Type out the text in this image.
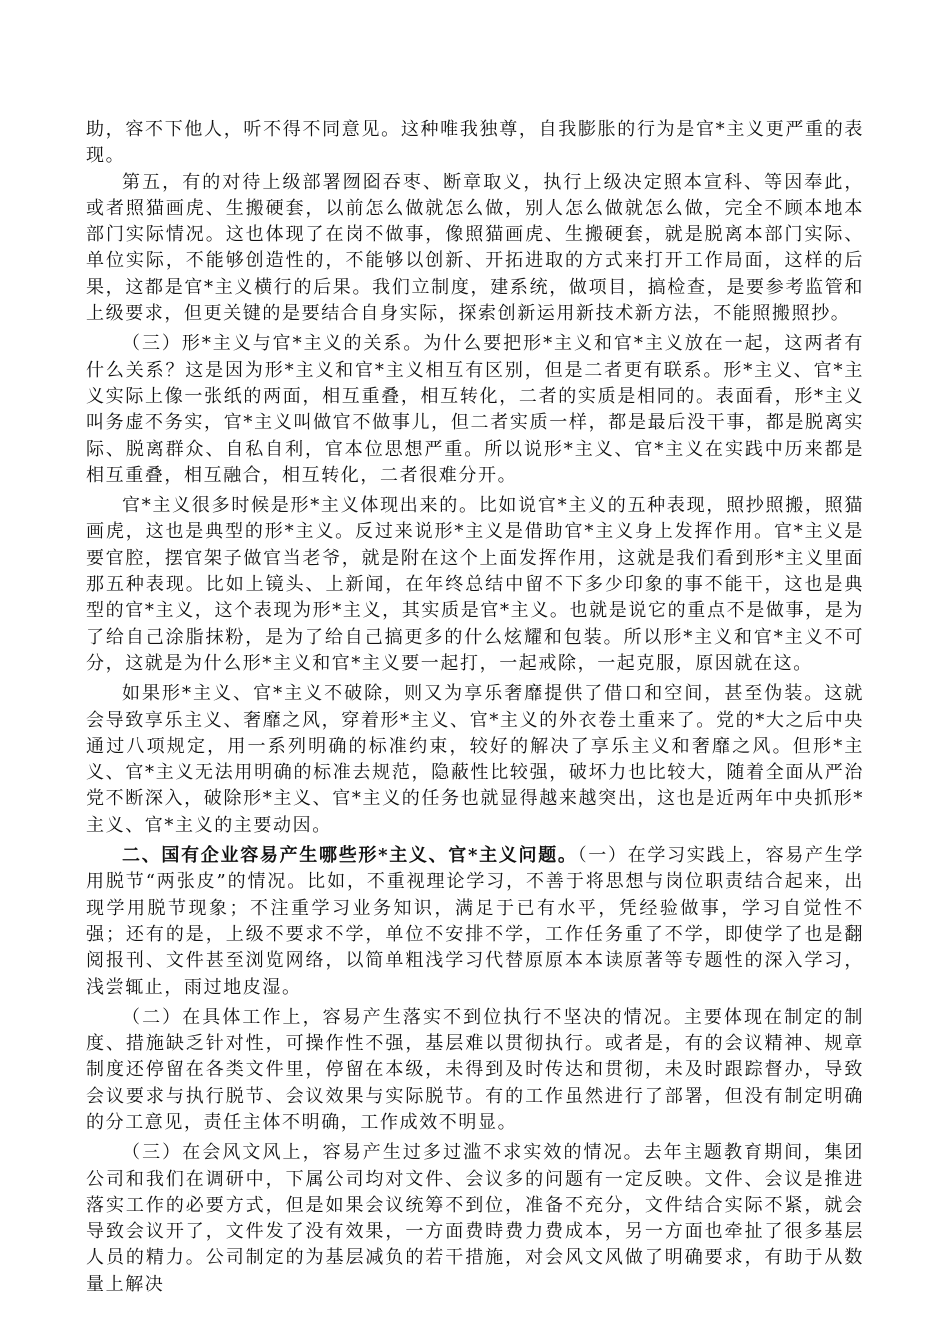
助，容不下他人，听不得不同意见。这种唯我独尊，自我膨胀的行为是官*主义更严重的表现。

第五，有的对待上级部署囫囵吞枣、断章取义，执行上级决定照本宣科、等因奉此，或者照猫画虎、生搬硬套，以前怎么做就怎么做，别人怎么做就怎么做，完全不顾本地本部门实际情况。这也体现了在岗不做事，像照猫画虎、生搬硬套，就是脱离本部门实际、单位实际，不能够创造性的，不能够以创新、开拓进取的方式来打开工作局面，这样的后果，这都是官*主义横行的后果。我们立制度，建系统，做项目，搞检查，是要参考监管和上级要求，但更关键的是要结合自身实际，探索创新运用新技术新方法，不能照搬照抄。

（三）形*主义与官*主义的关系。为什么要把形*主义和官*主义放在一起，这两者有什么关系？这是因为形*主义和官*主义相互有区别，但是二者更有联系。形*主义、官*主义实际上像一张纸的两面，相互重叠，相互转化，二者的实质是相同的。表面看，形*主义叫务虚不务实，官*主义叫做官不做事儿，但二者实质一样，都是最后没干事，都是脱离实际、脱离群众、自私自利，官本位思想严重。所以说形*主义、官*主义在实践中历来都是相互重叠，相互融合，相互转化，二者很难分开。

官*主义很多时候是形*主义体现出来的。比如说官*主义的五种表现，照抄照搬，照猫画虎，这也是典型的形*主义。反过来说形*主义是借助官*主义身上发挥作用。官*主义是要官腔，摆官架子做官当老爷，就是附在这个上面发挥作用，这就是我们看到形*主义里面那五种表现。比如上镜头、上新闻，在年终总结中留不下多少印象的事不能干，这也是典型的官*主义，这个表现为形*主义，其实质是官*主义。也就是说它的重点不是做事，是为了给自己涂脂抹粉，是为了给自己搞更多的什么炫耀和包装。所以形*主义和官*主义不可分，这就是为什么形*主义和官*主义要一起打，一起戒除，一起克服，原因就在这。

如果形*主义、官*主义不破除，则又为享乐奢靡提供了借口和空间，甚至伪装。这就会导致享乐主义、奢靡之风，穿着形*主义、官*主义的外衣卷土重来了。党的*大之后中央通过八项规定，用一系列明确的标准约束，较好的解决了享乐主义和奢靡之风。但形*主义、官*主义无法用明确的标准去规范，隐蔽性比较强，破坏力也比较大，随着全面从严治党不断深入，破除形*主义、官*主义的任务也就显得越来越突出，这也是近两年中央抓形*主义、官*主义的主要动因。

二、国有企业容易产生哪些形*主义、官*主义问题。（一）在学习实践上，容易产生学用脱节“两张皮”的情况。比如，不重视理论学习，不善于将思想与岗位职责结合起来，出现学用脱节现象；不注重学习业务知识，满足于已有水平，凭经验做事，学习自觉性不强；还有的是，上级不要求不学，单位不安排不学，工作任务重了不学，即使学了也是翻阅报刊、文件甚至浏览网络，以简单粗浅学习代替原原本本读原著等专题性的深入学习，浅尝辄止，雨过地皮湿。

（二）在具体工作上，容易产生落实不到位执行不坚决的情况。主要体现在制定的制度、措施缺乏针对性，可操作性不强，基层难以贯彻执行。或者是，有的会议精神、规章制度还停留在各类文件里，停留在本级，未得到及时传达和贯彻，未及时跟踪督办，导致会议要求与执行脱节、会议效果与实际脱节。有的工作虽然进行了部署，但没有制定明确的分工意见，责任主体不明确，工作成效不明显。

（三）在会风文风上，容易产生过多过滥不求实效的情况。去年主题教育期间，集团公司和我们在调研中，下属公司均对文件、会议多的问题有一定反映。文件、会议是推进落实工作的必要方式，但是如果会议统筹不到位，准备不充分，文件结合实际不紧，就会导致会议开了，文件发了没有效果，一方面费時费力费成本，另一方面也牵扯了很多基层人员的精力。公司制定的为基层减负的若干措施，对会风文风做了明确要求，有助于从数量上解决
